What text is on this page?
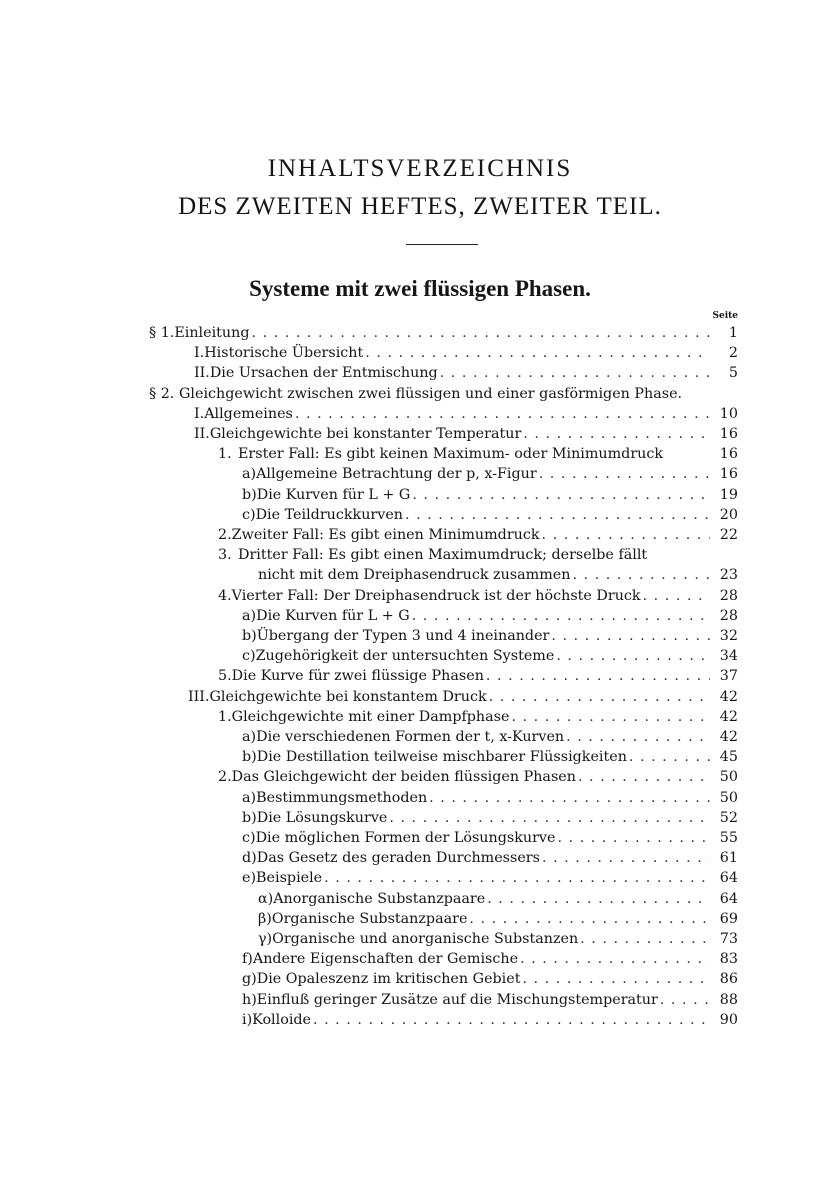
INHALTSVERZEICHNIS
DES ZWEITEN HEFTES, ZWEITER TEIL.
Systeme mit zwei flüssigen Phasen.
Seite
§ 1. Einleitung . . .	1
I. Historische Übersicht . . .	2
II. Die Ursachen der Entmischung . . .	5
§ 2. Gleichgewicht zwischen zwei flüssigen und einer gasförmigen Phase.
I. Allgemeines . . .	10
II. Gleichgewichte bei konstanter Temperatur . . .	16
1. Erster Fall: Es gibt keinen Maximum- oder Minimumdruck	16
a) Allgemeine Betrachtung der p, x-Figur . . .	16
b) Die Kurven für L + G . . .	19
c) Die Teildruckkurven . . .	20
2. Zweiter Fall: Es gibt einen Minimumdruck . . .	22
3. Dritter Fall: Es gibt einen Maximumdruck; derselbe fällt
nicht mit dem Dreiphasendruck zusammen . . .	23
4. Vierter Fall: Der Dreiphasendruck ist der höchste Druck . . .	28
a) Die Kurven für L + G . . .	28
b) Übergang der Typen 3 und 4 ineinander . . .	32
c) Zugehörigkeit der untersuchten Systeme . . .	34
5. Die Kurve für zwei flüssige Phasen . . .	37
III. Gleichgewichte bei konstantem Druck . . .	42
1. Gleichgewichte mit einer Dampfphase . . .	42
a) Die verschiedenen Formen der t, x-Kurven . . .	42
b) Die Destillation teilweise mischbarer Flüssigkeiten . . .	45
2. Das Gleichgewicht der beiden flüssigen Phasen . . .	50
a) Bestimmungsmethoden . . .	50
b) Die Lösungskurve . . .	52
c) Die möglichen Formen der Lösungskurve . . .	55
d) Das Gesetz des geraden Durchmessers . . .	61
e) Beispiele . . .	64
α) Anorganische Substanzpaare . . .	64
β) Organische Substanzpaare . . .	69
γ) Organische und anorganische Substanzen . . .	73
f) Andere Eigenschaften der Gemische . . .	83
g) Die Opaleszenz im kritischen Gebiet . . .	86
h) Einfluß geringer Zusätze auf die Mischungstemperatur . . .	88
i) Kolloide . . .	90
